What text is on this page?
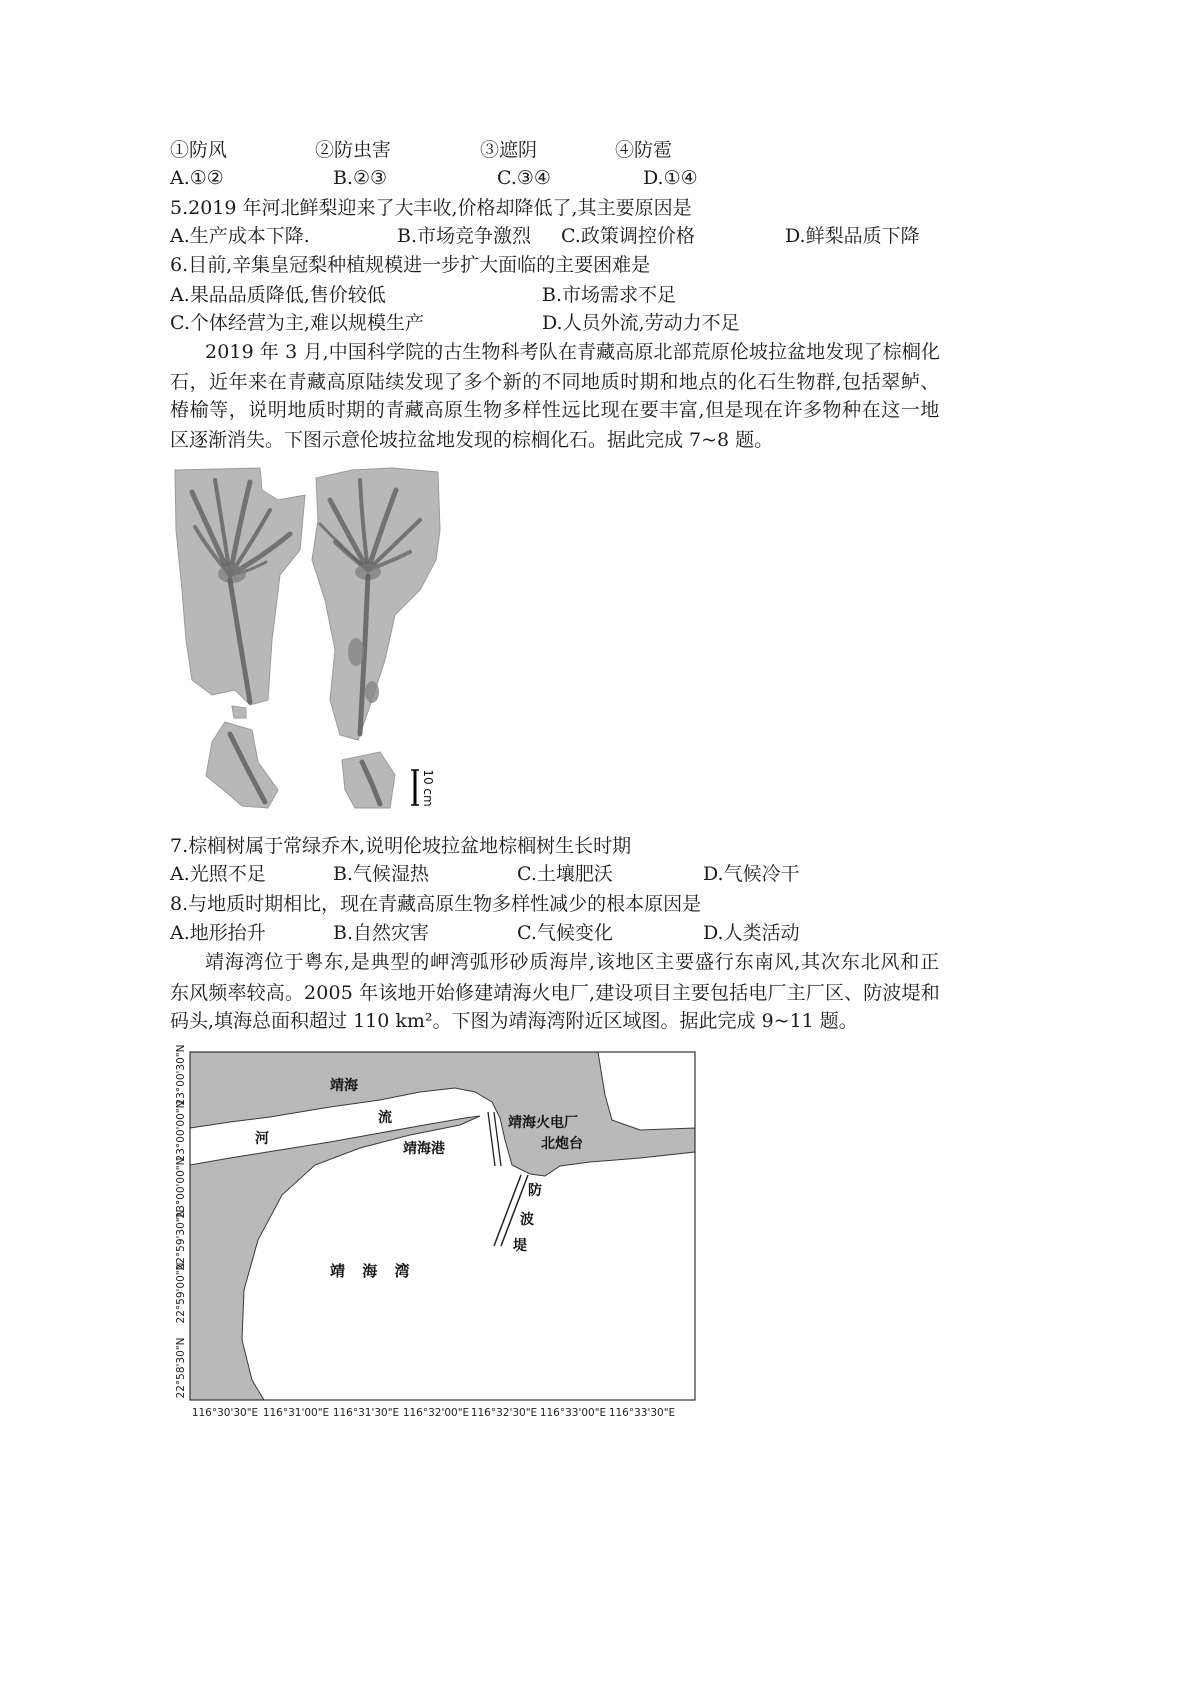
①防风	②防虫害	③遮阴	④防雹
A.①②	B.②③	C.③④	D.①④
5.2019 年河北鲜梨迎来了大丰收,价格却降低了,其主要原因是
A.生产成本下降.	B.市场竞争激烈 C.政策调控价格	D.鲜梨品质下降
6.目前,辛集皇冠梨种植规模进一步扩大面临的主要困难是
A.果品品质降低,售价较低	B.市场需求不足
C.个体经营为主,难以规模生产	D.人员外流,劳动力不足
2019 年 3 月,中国科学院的古生物科考队在青藏高原北部荒原伦坡拉盆地发现了棕榈化
石，近年来在青藏高原陆续发现了多个新的不同地质时期和地点的化石生物群,包括翠鲈、
椿榆等，说明地质时期的青藏高原生物多样性远比现在要丰富,但是现在许多物种在这一地
区逐渐消失。下图示意伦坡拉盆地发现的棕榈化石。据此完成 7~8 题。
10 cm
7.棕榈树属于常绿乔木,说明伦坡拉盆地棕榈树生长时期
A.光照不足	B.气候湿热	C.土壤肥沃	D.气候冷干
8.与地质时期相比，现在青藏高原生物多样性减少的根本原因是
A.地形抬升	B.自然灾害	C.气候变化	D.人类活动
靖海湾位于粤东,是典型的岬湾弧形砂质海岸,该地区主要盛行东南风,其次东北风和正
东风频率较高。2005 年该地开始修建靖海火电厂,建设项目主要包括电厂主厂区、防波堤和
码头,填海总面积超过 110 km²。下图为靖海湾附近区域图。据此完成 9~11 题。
靖海
流
河
靖海港
靖海火电厂
北炮台
防
波
堤
靖 海 湾
23°00'30"N
23°00'00"N
23°00'00"N
22°59'30"N
22°59'00"N
22°58'30"N
116°30'30"E 116°31'00"E 116°31'30"E 116°32'00"E 116°32'30"E 116°33'00"E 116°33'30"E
